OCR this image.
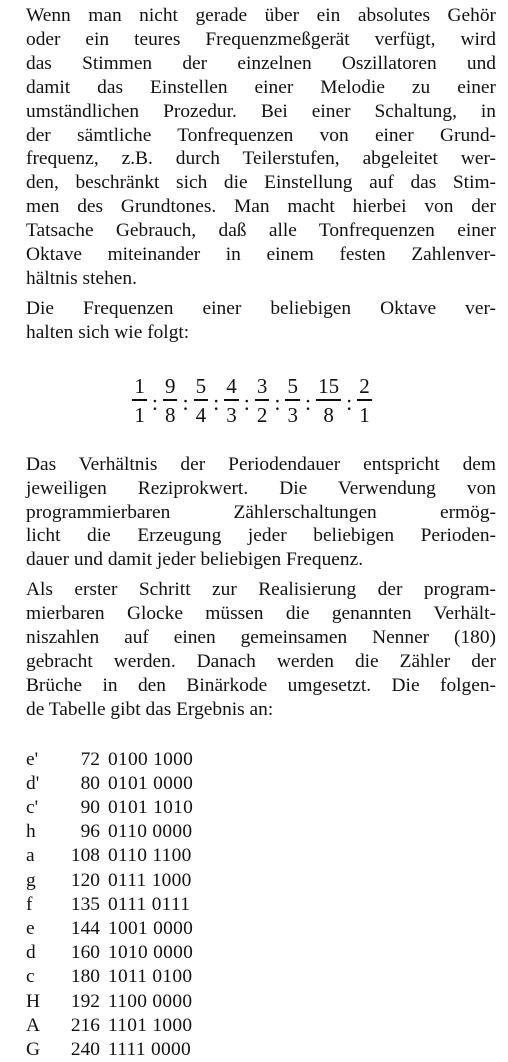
Wenn man nicht gerade über ein absolutes Gehör
oder ein teures Frequenzmeßgerät verfügt, wird
das Stimmen der einzelnen Oszillatoren und
damit das Einstellen einer Melodie zu einer
umständlichen Prozedur. Bei einer Schaltung, in
der sämtliche Tonfrequenzen von einer Grund-
frequenz, z.B. durch Teilerstufen, abgeleitet wer-
den, beschränkt sich die Einstellung auf das Stim-
men des Grundtones. Man macht hierbei von der
Tatsache Gebrauch, daß alle Tonfrequenzen einer
Oktave miteinander in einem festen Zahlenver-
hältnis stehen.
Die Frequenzen einer beliebigen Oktave ver-
halten sich wie folgt:
$\frac{1}{1}$ : $\frac{9}{8}$ : $\frac{5}{4}$ : $\frac{4}{3}$ : $\frac{3}{2}$ : $\frac{5}{3}$ : $\frac{15}{8}$ : $\frac{2}{1}$
Das Verhältnis der Periodendauer entspricht dem
jeweiligen Reziprokwert. Die Verwendung von
programmierbaren Zählerschaltungen ermög-
licht die Erzeugung jeder beliebigen Perioden-
dauer und damit jeder beliebigen Frequenz.
Als erster Schritt zur Realisierung der program-
mierbaren Glocke müssen die genannten Verhält-
niszahlen auf einen gemeinsamen Nenner (180)
gebracht werden. Danach werden die Zähler der
Brüche in den Binärkode umgesetzt. Die folgen-
de Tabelle gibt das Ergebnis an:
e'	72 0100 1000
d'	80 0101 0000
c'	90 0101 1010
h	96 0110 0000
a	108 0110 1100
g	120 0111 1000
f	135 0111 0111
e	144 1001 0000
d	160 1010 0000
c	180 1011 0100
H	192 1100 0000
A	216 1101 1000
G	240 1111 0000
